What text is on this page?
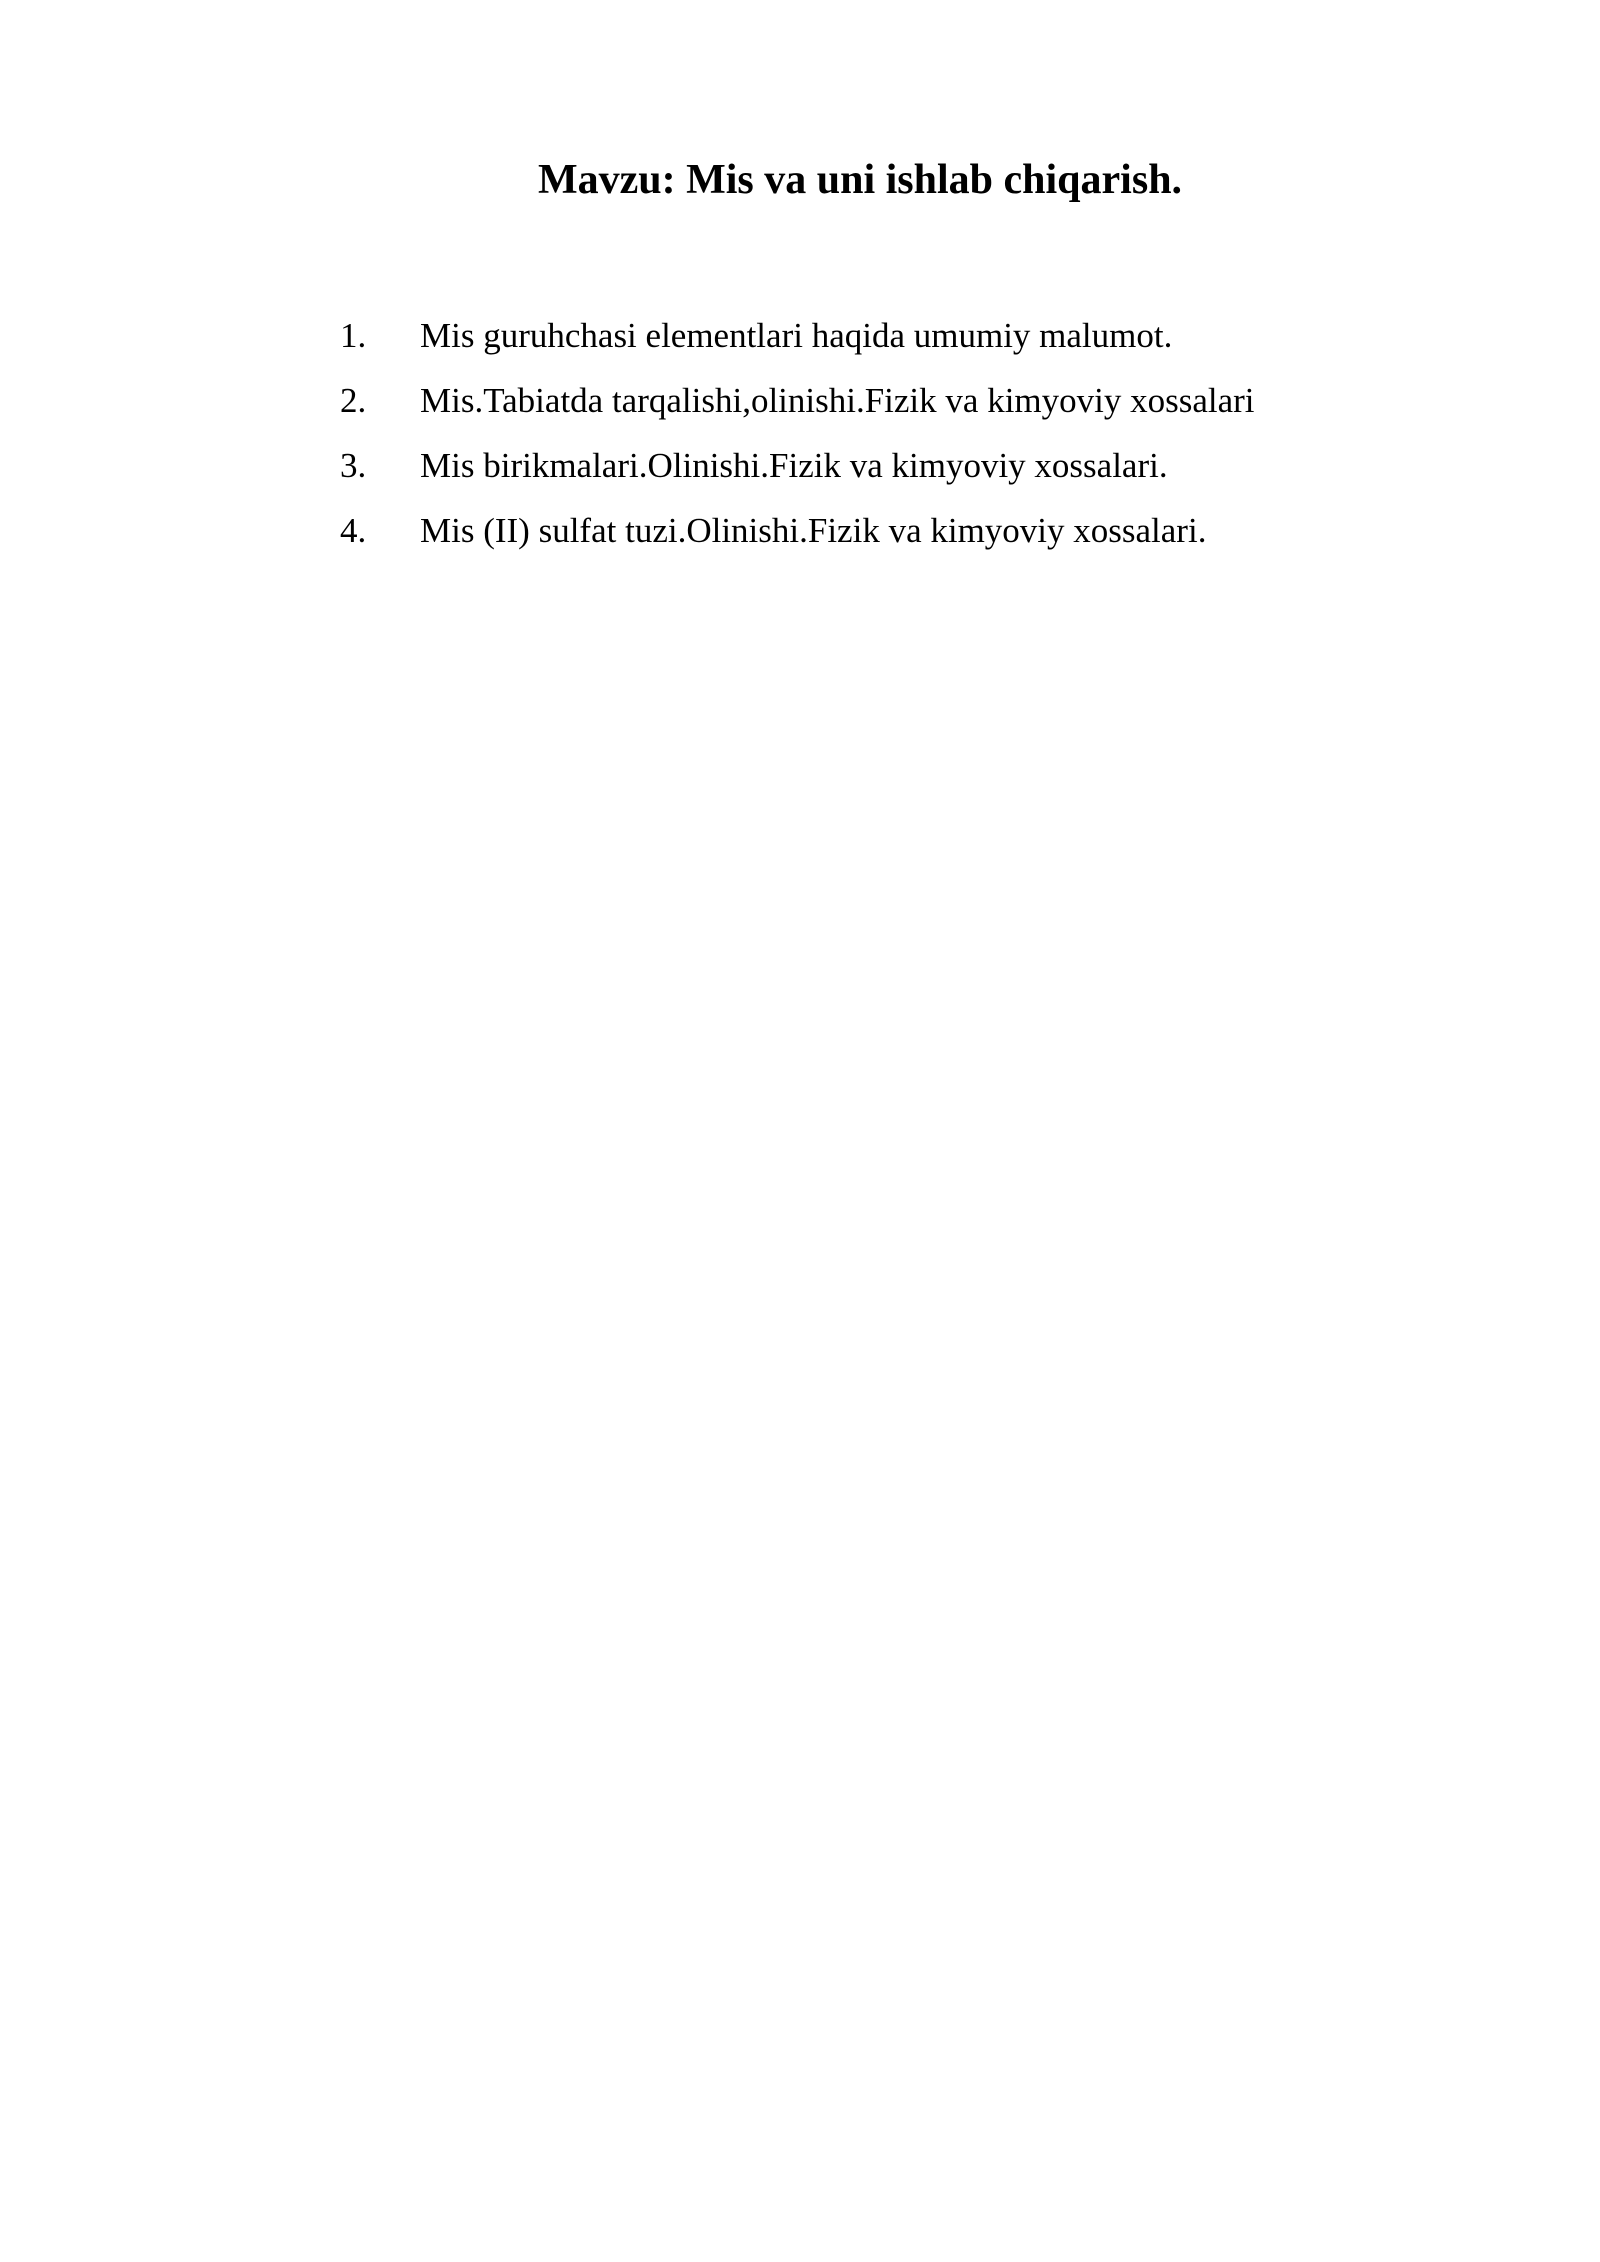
Mavzu: Mis va uni ishlab chiqarish.
1.	Mis guruhchasi elementlari haqida umumiy malumot.
2.	Mis.Tabiatda tarqalishi,olinishi.Fizik va kimyoviy xossalari
3.	Mis birikmalari.Olinishi.Fizik va kimyoviy xossalari.
4.	Mis (II) sulfat tuzi.Olinishi.Fizik va kimyoviy xossalari.
